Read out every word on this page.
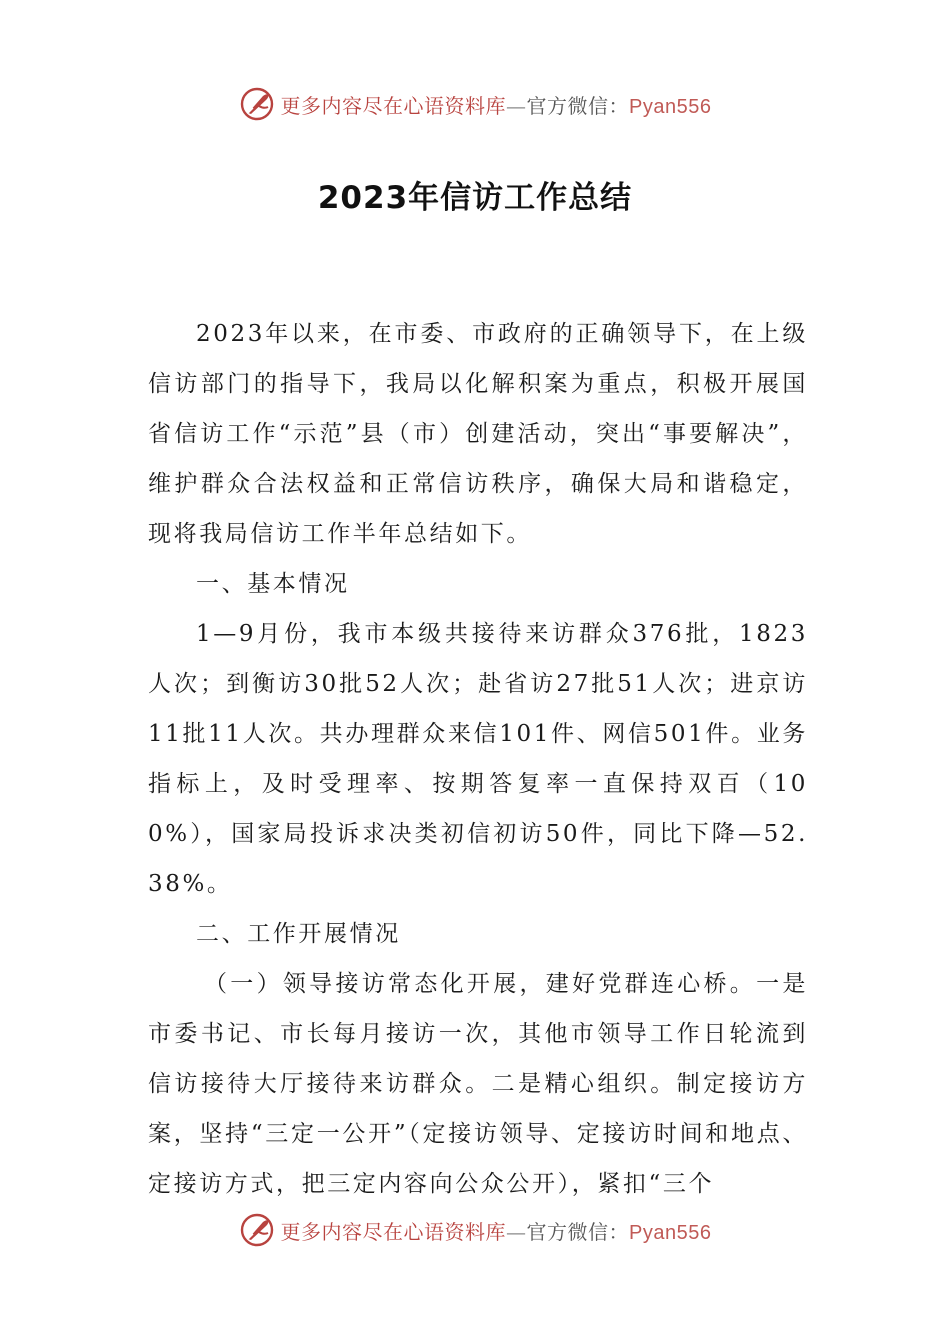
更多内容尽在心语资料库—官方微信：Pyan556
2023年信访工作总结

2023年以来，在市委、市政府的正确领导下，在上级信访部门的指导下，我局以化解积案为重点，积极开展国省信访工作“示范”县（市）创建活动，突出“事要解决”，维护群众合法权益和正常信访秩序，确保大局和谐稳定，现将我局信访工作半年总结如下。

一、基本情况

1—9月份，我市本级共接待来访群众376批，1823人次；到衡访30批52人次；赴省访27批51人次；进京访11批11人次。共办理群众来信101件、网信501件。业务指标上，及时受理率、按期答复率一直保持双百（100%），国家局投诉求决类初信初访50件，同比下降—52.38%。

二、工作开展情况

（一）领导接访常态化开展，建好党群连心桥。一是市委书记、市长每月接访一次，其他市领导工作日轮流到信访接待大厅接待来访群众。二是精心组织。制定接访方案，坚持“三定一公开”（定接访领导、定接访时间和地点、定接访方式，把三定内容向公众公开），紧扣“三个

更多内容尽在心语资料库—官方微信：Pyan556
